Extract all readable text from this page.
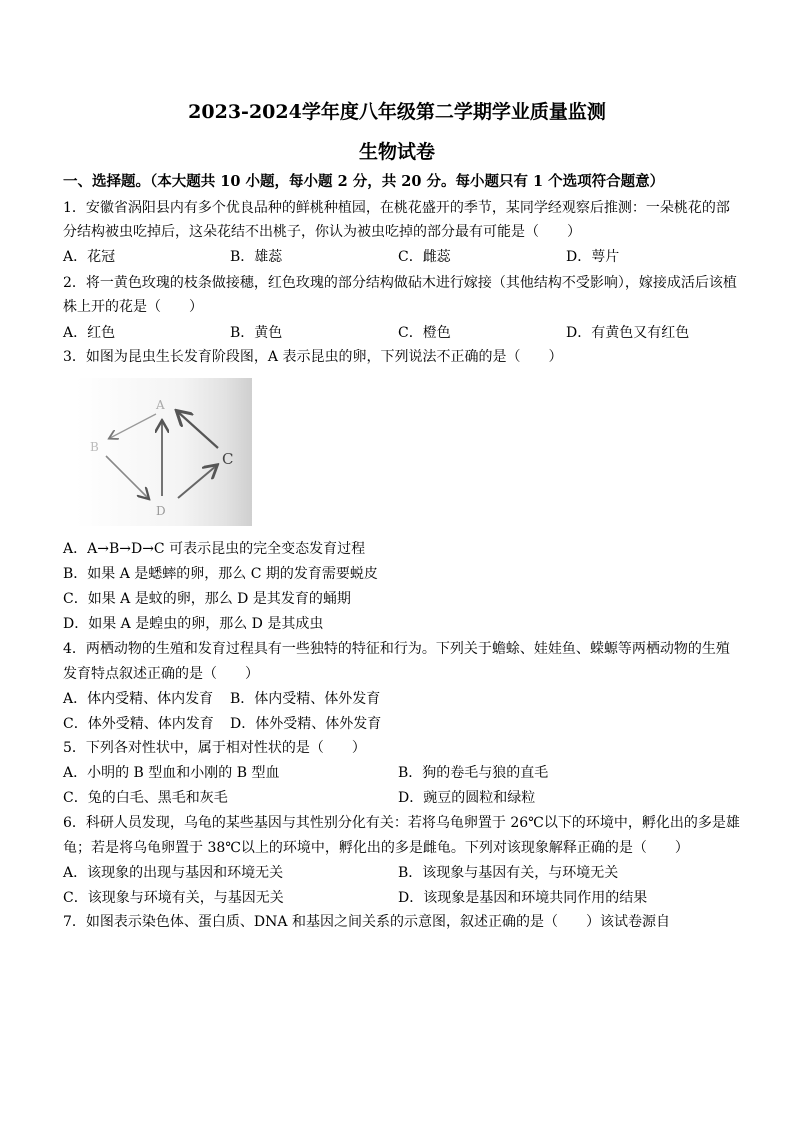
2023-2024学年度八年级第二学期学业质量监测
生物试卷
一、选择题。（本大题共 10 小题，每小题 2 分，共 20 分。每小题只有 1 个选项符合题意）
1．安徽省涡阳县内有多个优良品种的鲜桃种植园，在桃花盛开的季节，某同学经观察后推测：一朵桃花的部
分结构被虫吃掉后，这朵花结不出桃子，你认为被虫吃掉的部分最有可能是（　　）
A．花冠	B．雄蕊	C．雌蕊	D．萼片
2．将一黄色玫瑰的枝条做接穗，红色玫瑰的部分结构做砧木进行嫁接（其他结构不受影响），嫁接成活后该植
株上开的花是（　　）
A．红色	B．黄色	C．橙色	D．有黄色又有红色
3．如图为昆虫生长发育阶段图，A 表示昆虫的卵，下列说法不正确的是（　　）
A
B
C
D
A．A→B→D→C 可表示昆虫的完全变态发育过程
B．如果 A 是蟋蟀的卵，那么 C 期的发育需要蜕皮
C．如果 A 是蚊的卵，那么 D 是其发育的蛹期
D．如果 A 是蝗虫的卵，那么 D 是其成虫
4．两栖动物的生殖和发育过程具有一些独特的特征和行为。下列关于蟾蜍、娃娃鱼、蝾螈等两栖动物的生殖
发育特点叙述正确的是（　　）
A．体内受精、体内发育 B．体内受精、体外发育
C．体外受精、体内发育 D．体外受精、体外发育
5．下列各对性状中，属于相对性状的是（　　）
A．小明的 B 型血和小刚的 B 型血	B．狗的卷毛与狼的直毛
C．兔的白毛、黑毛和灰毛	D．豌豆的圆粒和绿粒
6．科研人员发现，乌龟的某些基因与其性别分化有关：若将乌龟卵置于 26℃以下的环境中，孵化出的多是雄
龟；若是将乌龟卵置于 38℃以上的环境中，孵化出的多是雌龟。下列对该现象解释正确的是（　　）
A．该现象的出现与基因和环境无关	B．该现象与基因有关，与环境无关
C．该现象与环境有关，与基因无关	D．该现象是基因和环境共同作用的结果
7．如图表示染色体、蛋白质、DNA 和基因之间关系的示意图，叙述正确的是（　　）该试卷源自
